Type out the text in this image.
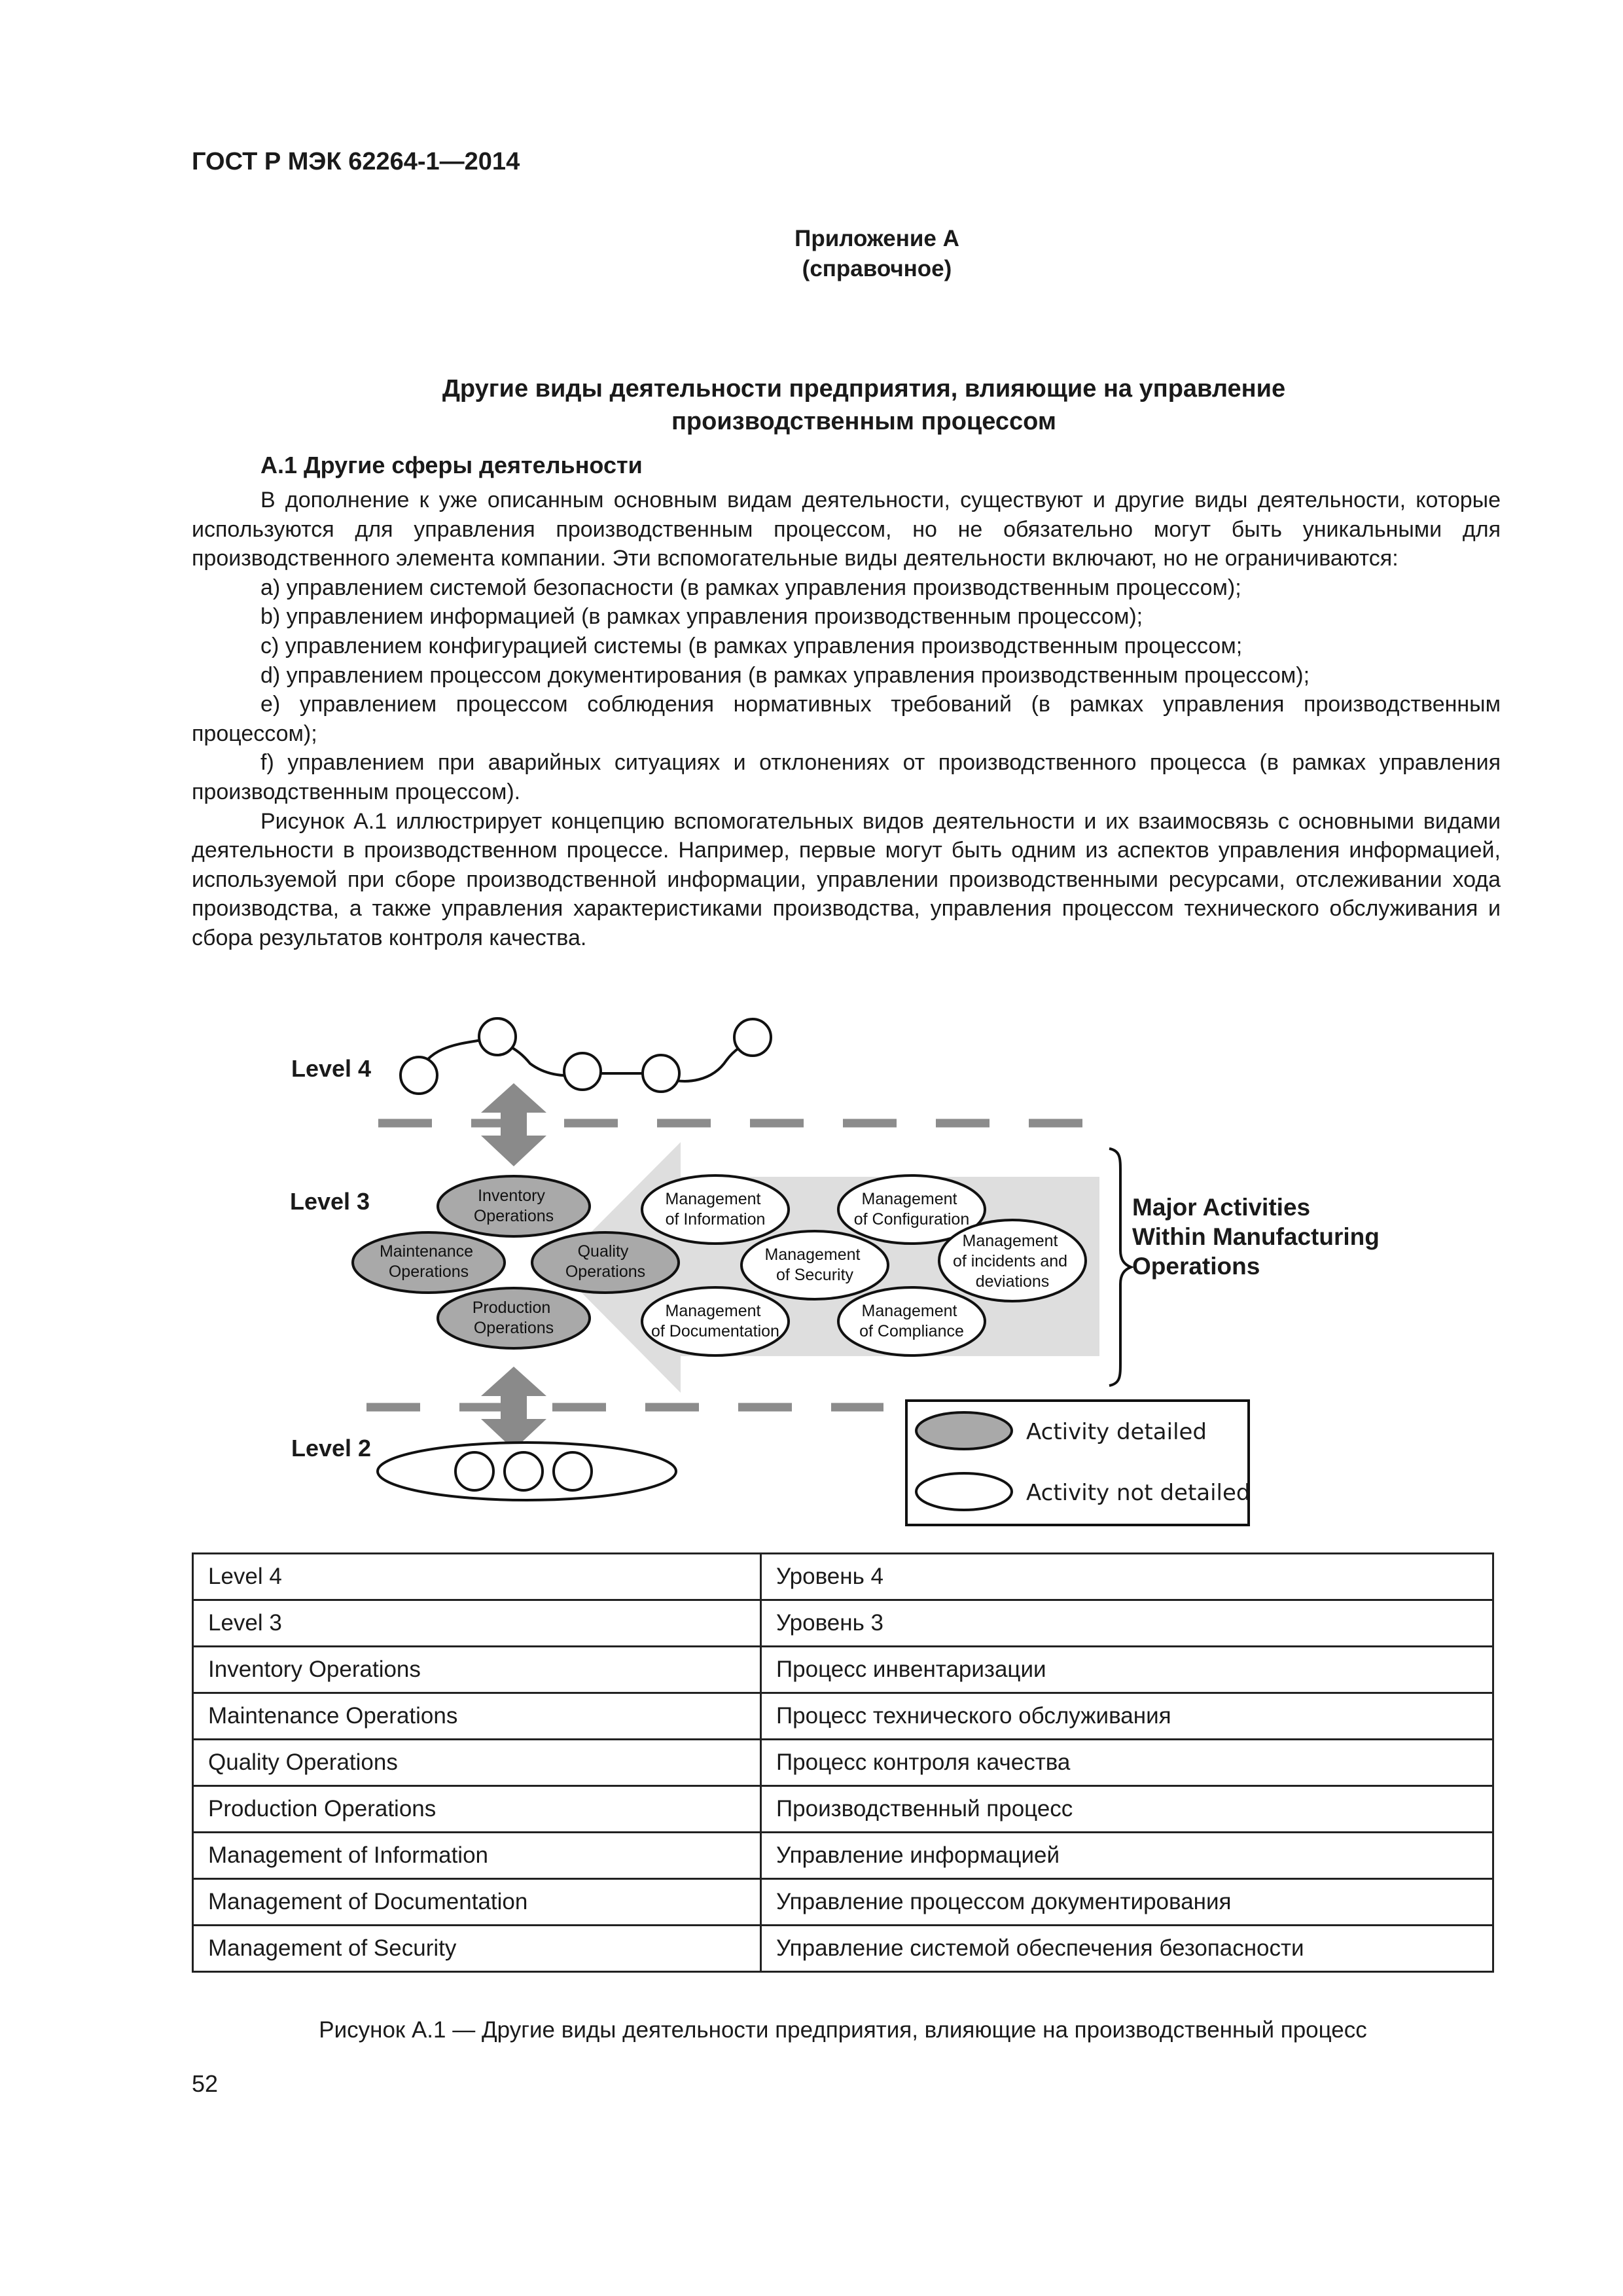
ГОСТ Р МЭК 62264-1—2014
Приложение А
(справочное)
Другие виды деятельности предприятия, влияющие на управление
производственным процессом
А.1 Другие сферы деятельности

В дополнение к уже описанным основным видам деятельности, существуют и другие виды деятельности, которые используются для управления производственным процессом, но не обязательно могут быть уникальными для производственного элемента компании. Эти вспомогательные виды деятельности включают, но не ограничиваются:

a) управлением системой безопасности (в рамках управления производственным процессом);

b) управлением информацией (в рамках управления производственным процессом);

c) управлением конфигурацией системы (в рамках управления производственным процессом;

d) управлением процессом документирования (в рамках управления производственным процессом);

e) управлением процессом соблюдения нормативных требований (в рамках управления производственным процессом);

f) управлением при аварийных ситуациях и отклонениях от производственного процесса (в рамках управления производственным процессом).

Рисунок А.1 иллюстрирует концепцию вспомогательных видов деятельности и их взаимосвязь с основными видами деятельности в производственном процессе. Например, первые могут быть одним из аспектов управления информацией, используемой при сборе производственной информации, управлении производственными ресурсами, отслеживании хода производства, а также управления характеристиками производства, управления процессом технического обслуживания и сбора результатов контроля качества.

Level 4
Level 3	Inventory Operations
Maintenance Operations
Quality Operations
Production Operations
Management of Information
Management of Configuration
Management of Security
Management of incidents and deviations
Management of Documentation
Management of Compliance
Major Activities Within Manufacturing Operations
Level 2
Activity detailed
Activity not detailed
Level 4	Уровень 4
Level 3	Уровень 3
Inventory Operations	Процесс инвентаризации
Maintenance Operations	Процесс технического обслуживания
Quality Operations	Процесс контроля качества
Production Operations	Производственный процесс
Management of Information	Управление информацией
Management of Documentation	Управление процессом документирования
Management of Security	Управление системой обеспечения безопасности
Рисунок А.1 — Другие виды деятельности предприятия, влияющие на производственный процесс
52
